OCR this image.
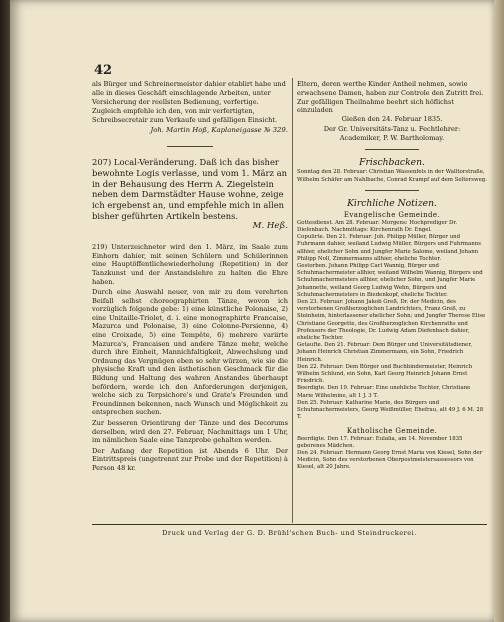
42

als Bürger und Schreinermeister dahier etablirt habe und alle in dieses Geschäft einschlagende Arbeiten, unter Versicherung der reellsten Bedienung, verfertige. Zugleich empfehle ich den, von mir verfertigten, Schreibsecretair zum Verkaufe und gefälligen Einsicht.

Joh. Martin Hoß, Kaplaneigasse № 329.

207) Local-Veränderung. Daß ich das bisher bewohnte Logis verlasse, und vom 1. März an in der Behausung des Herrn A. Ziegelstein neben dem Darmstädter Hause wohne, zeige ich ergebenst an, und empfehle mich in allen bisher geführten Artikeln bestens.

M. Heß.

219) Unterzeichneter wird den 1. März, im Saale zum Einhorn dahier, mit seinen Schülern und Schülerinnen eine Hauptöffentlichewiederholung (Repetition) in der Tanzkunst und der Anstandslehre zu halten die Ehre haben.

Durch eine Auswahl neuer, von mir zu dem verehrten Beifall selbst choreographirten Tänze, wovon ich vorzüglich folgende gebe: 1) eine künstliche Polonaise, 2) eine Unitaille-Triolet, d. i. eine monographirte Francaise, Mazurca und Polonaise, 3) eine Colonne-Persienne, 4) eine Croixade, 5) eine Tempête, 6) mehrere variirte Mazurca's, Francaisen und andere Tänze mehr, welche durch ihre Einheit, Mannichfaltigkeit, Abwechslung und Ordnung das Vergnügen eben so sehr würzen, wie sie die physische Kraft und den ästhetischen Geschmack für die Bildung und Haltung des wahren Anstandes überhaupt befördern, werde ich den Anforderungen derjenigen, welche sich zu Terpsichore's und Grate's Freunden und Freundinnen bekennen, nach Wunsch und Möglichkeit zu entsprechen suchen.

Zur besseren Orientirung der Tänze und des Decorums derselben, wird den 27. Februar, Nachmittags um 1 Uhr, im nämlichen Saale eine Tanzprobe gehalten werden.

Der Anfang der Repetition ist Abends 6 Uhr. Der Eintrittspreis (ungetrennt zur Probe und der Repetition) à Person 48 kr.

Eltern, deren werthe Kinder Antheil nehmen, sowie erwachsene Damen, haben zur Controle den Zutritt frei.

Zur gefälligen Theilnahme beehrt sich höflichst einzuladen

Gießen den 24. Februar 1835.

Der Gr. Universitäts-Tanz u. Fechtlehrer:

Academiker, P. W. Bartholomay.

Frischbacken.

Sonntag den 28. Februar: Christian Wassenfels in der Walltorstraße, Wilhelm Schäfer am Nahlbache, Conrad Krampf auf dem Seltersweg.

Kirchliche Notizen.
Evangelische Gemeinde.

Gottesdienst. Am 28. Februar: Morgens: Hochprediger Dr. Diefenbach. Nachmittags: Kirchenrath Dr. Engel.

Copulirte. Den 21. Februar: Joh. Philipp Müller, Bürger und Fuhrmann dahier, weiland Ludwig Müller, Bürgers und Fuhrmanns allhier, ehelicher Sohn und Jungfer Marie Salome, weiland Johann Philipp Noll, Zimmermanns allhier, eheliche Tochter.

Gestorben. Johann Philipp Carl Wannig, Bürger und Schuhmachermeister allhier, weiland Wilhelm Wannig, Bürgers und Schuhmachermeisters allhier, ehelicher Sohn, und Jungfer Marie Johannette, weiland Georg Ludwig Wehn, Bürgers und Schuhmachermeisters in Biedenkopf, eheliche Tochter.

Den 23. Februar: Johann Jakob Greß, Dr. der Medicin, des verstorbenen Großherzoglichen Landrichters, Franz Greß, zu Steinheim, hinterlassener ehelicher Sohn; und Jungfer Therese Elise Christiane Georgette, des Großherzoglichen Kirchenraths und Professors der Theologie, Dr. Ludwig Adam Diefenbach dahier, eheliche Tochter.

Getaufte. Den 21. Februar: Dem Bürger und Universitätsdiener, Johann Heinrich Christian Zimmermann, ein Sohn, Friedrich Heinrich.

Den 22. Februar: Dem Bürger und Buchbindermeister, Heinrich Wilhelm Schlund, ein Sohn, Karl Georg Heinrich Johann Ernst Friedrich.

Beerdigte. Den 19. Februar: Eine unehliche Tochter, Christiane Marie Wilhelmine, alt 1 J. 3 T.

Den 25. Februar: Katharine Marie, des Bürgers und Schuhmachermeisters, Georg Weißmüller, Ehefrau, alt 49 J. 6 M. 28 T.

Katholische Gemeinde.

Beerdigte. Den 17. Februar: Eulalia, am 14. November 1835 geborenes Mädchen.

Den 24. Februar: Hermann Georg Ernst Maria von Kiesel, Sohn der Medicin, Sohn des verstorbenen Oberpostmeistersassessors von Kiesel, alt 20 Jahre.

Druck und Verlag der G. D. Brühl'schen Buch- und Steindruckerei.
